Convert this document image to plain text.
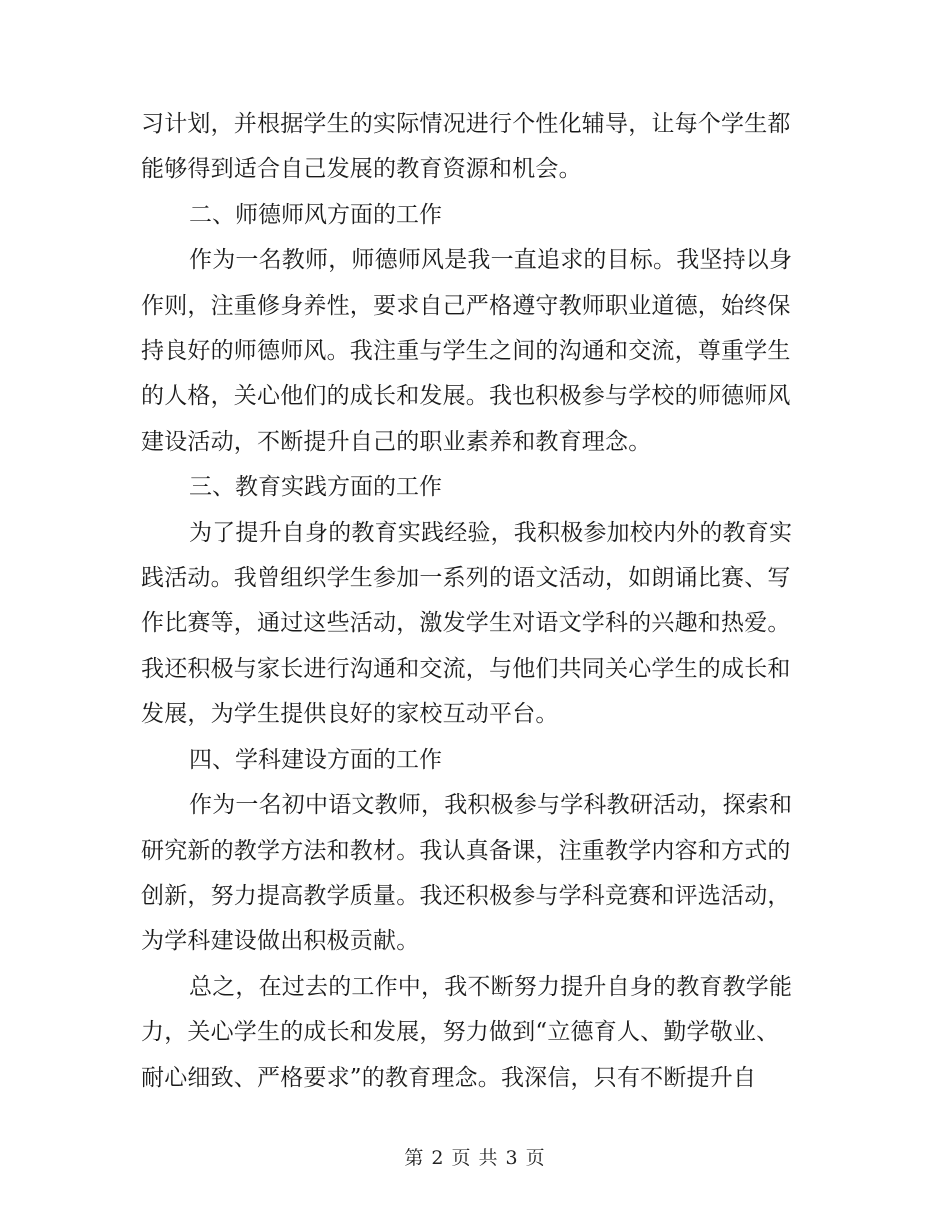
习计划，并根据学生的实际情况进行个性化辅导，让每个学生都
能够得到适合自己发展的教育资源和机会。

二、师德师风方面的工作

作为一名教师，师德师风是我一直追求的目标。我坚持以身
作则，注重修身养性，要求自己严格遵守教师职业道德，始终保
持良好的师德师风。我注重与学生之间的沟通和交流，尊重学生
的人格，关心他们的成长和发展。我也积极参与学校的师德师风
建设活动，不断提升自己的职业素养和教育理念。

三、教育实践方面的工作

为了提升自身的教育实践经验，我积极参加校内外的教育实
践活动。我曾组织学生参加一系列的语文活动，如朗诵比赛、写
作比赛等，通过这些活动，激发学生对语文学科的兴趣和热爱。
我还积极与家长进行沟通和交流，与他们共同关心学生的成长和
发展，为学生提供良好的家校互动平台。

四、学科建设方面的工作

作为一名初中语文教师，我积极参与学科教研活动，探索和
研究新的教学方法和教材。我认真备课，注重教学内容和方式的
创新，努力提高教学质量。我还积极参与学科竞赛和评选活动，
为学科建设做出积极贡献。

总之，在过去的工作中，我不断努力提升自身的教育教学能
力，关心学生的成长和发展，努力做到“立德育人、勤学敬业、
耐心细致、严格要求”的教育理念。我深信，只有不断提升自

第 2 页 共 3 页
